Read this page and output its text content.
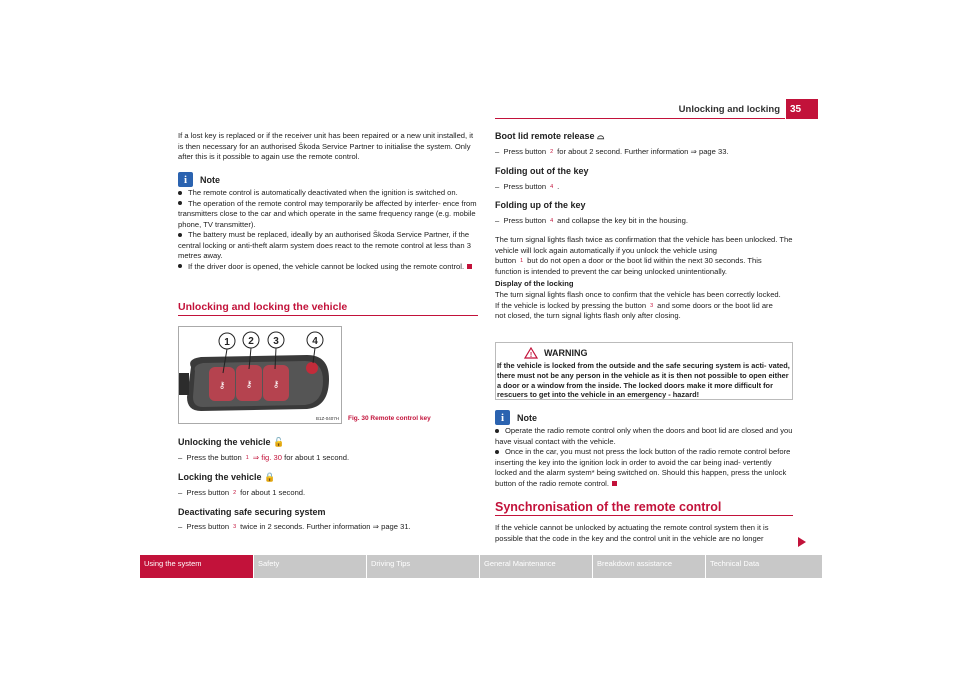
Unlocking and locking	35
If a lost key is replaced or if the receiver unit has been repaired or a new unit installed, it is then necessary for an authorised Škoda Service Partner to initialise the system. Only after this is it possible to again use the remote control.
i	Note
The remote control is automatically deactivated when the ignition is switched on.
The operation of the remote control may temporarily be affected by interfer- ence from transmitters close to the car and which operate in the same frequency range (e.g. mobile phone, TV transmitter).
The battery must be replaced, ideally by an authorised Škoda Service Partner, if the central locking or anti-theft alarm system does react to the remote control at less than 3 metres away.
If the driver door is opened, the vehicle cannot be locked using the remote control.
Unlocking and locking the vehicle
⚷ ⚷ ⚷
1 2 3	4
B1Z-0407H Fig. 30 Remote control key
Unlocking the vehicle 🔓
– Press the button 1 ⇒ fig. 30 for about 1 second.
Locking the vehicle 🔒
– Press button 2 for about 1 second.
Deactivating safe securing system
– Press button 3 twice in 2 seconds. Further information ⇒ page 31.
Boot lid remote release ⌓
– Press button 2 for about 2 second. Further information ⇒ page 33.
Folding out of the key
– Press button 4 .
Folding up of the key
– Press button 4 and collapse the key bit in the housing.
The turn signal lights flash twice as confirmation that the vehicle has been unlocked. The vehicle will lock again automatically if you unlock the vehicle using
button 1 but do not open a door or the boot lid within the next 30 seconds. This
function is intended to prevent the car being unlocked unintentionally.
Display of the locking
The turn signal lights flash once to confirm that the vehicle has been correctly locked.
If the vehicle is locked by pressing the button 3 and some doors or the boot lid are
not closed, the turn signal lights flash only after closing.
! WARNING
If the vehicle is locked from the outside and the safe securing system is acti- vated, there must not be any person in the vehicle as it is then not possible to open either a door or a window from the inside. The locked doors make it more difficult for rescuers to get into the vehicle in an emergency - hazard!
i	Note
Operate the radio remote control only when the doors and boot lid are closed and you have visual contact with the vehicle.
Once in the car, you must not press the lock button of the radio remote control before inserting the key into the ignition lock in order to avoid the car being inad- vertently locked and the alarm system* being switched on. Should this happen, press the unlock button of the radio remote control.
Synchronisation of the remote control
If the vehicle cannot be unlocked by actuating the remote control system then it is possible that the code in the key and the control unit in the vehicle are no longer
Using the system	Safety	Driving Tips	General Maintenance	Breakdown assistance	Technical Data
